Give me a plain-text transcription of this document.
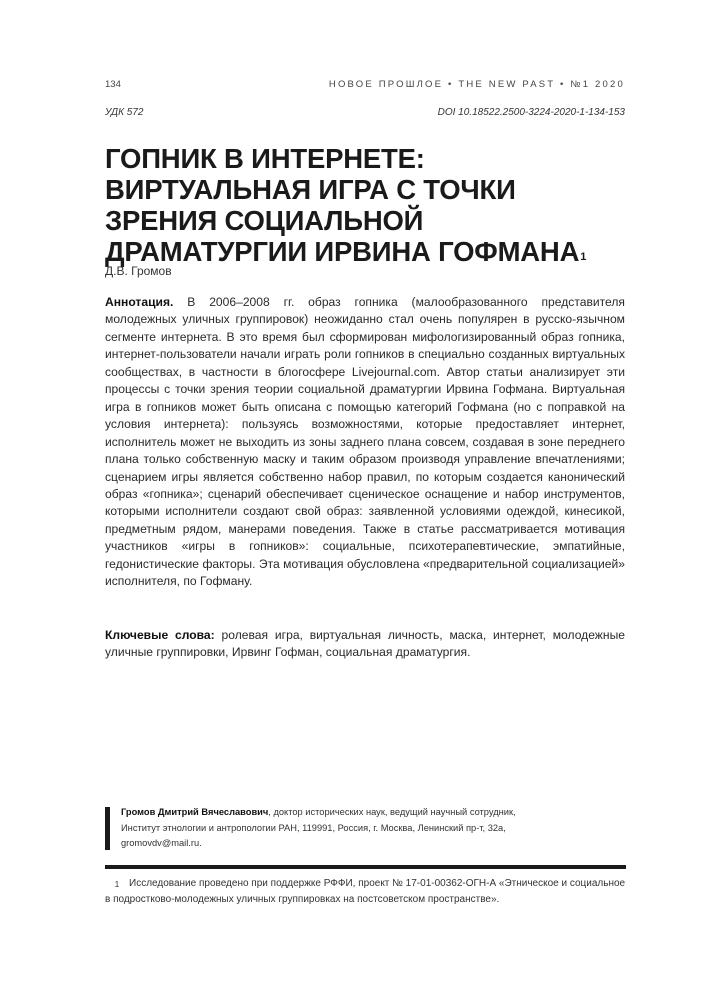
134	НОВОЕ ПРОШЛОЕ • THE NEW PAST • №1 2020
УДК 572	DOI 10.18522.2500-3224-2020-1-134-153
ГОПНИК В ИНТЕРНЕТЕ: ВИРТУАЛЬНАЯ ИГРА С ТОЧКИ ЗРЕНИЯ СОЦИАЛЬНОЙ ДРАМАТУРГИИ ИРВИНА ГОФМАНА$^1$
Д.В. Громов

Аннотация. В 2006–2008 гг. образ гопника (малообразованного представителя молодежных уличных группировок) неожиданно стал очень популярен в русско-язычном сегменте интернета. В это время был сформирован мифологизированный образ гопника, интернет-пользователи начали играть роли гопников в специально созданных виртуальных сообществах, в частности в блогосфере Livejournal.com. Автор статьи анализирует эти процессы с точки зрения теории социальной драматургии Ирвина Гофмана. Виртуальная игра в гопников может быть описана с помощью категорий Гофмана (но с поправкой на условия интернета): пользуясь возможностями, которые предоставляет интернет, исполнитель может не выходить из зоны заднего плана совсем, создавая в зоне переднего плана только собственную маску и таким образом производя управление впечатлениями; сценарием игры является собственно набор правил, по которым создается канонический образ «гопника»; сценарий обеспечивает сценическое оснащение и набор инструментов, которыми исполнители создают свой образ: заявленной условиями одеждой, кинесикой, предметным рядом, манерами поведения. Также в статье рассматривается мотивация участников «игры в гопников»: социальные, психотерапевтические, эмпатийные, гедонистические факторы. Эта мотивация обусловлена «предварительной социализацией» исполнителя, по Гофману.

Ключевые слова: ролевая игра, виртуальная личность, маска, интернет, молодежные уличные группировки, Ирвинг Гофман, социальная драматургия.

Громов Дмитрий Вячеславович, доктор исторических наук, ведущий научный сотрудник, Институт этнологии и антропологии РАН, 119991, Россия, г. Москва, Ленинский пр-т, 32а, gromovdv@mail.ru.

1 Исследование проведено при поддержке РФФИ, проект № 17-01-00362-ОГН-А «Этническое и социальное в подростково-молодежных уличных группировках на постсоветском пространстве».
